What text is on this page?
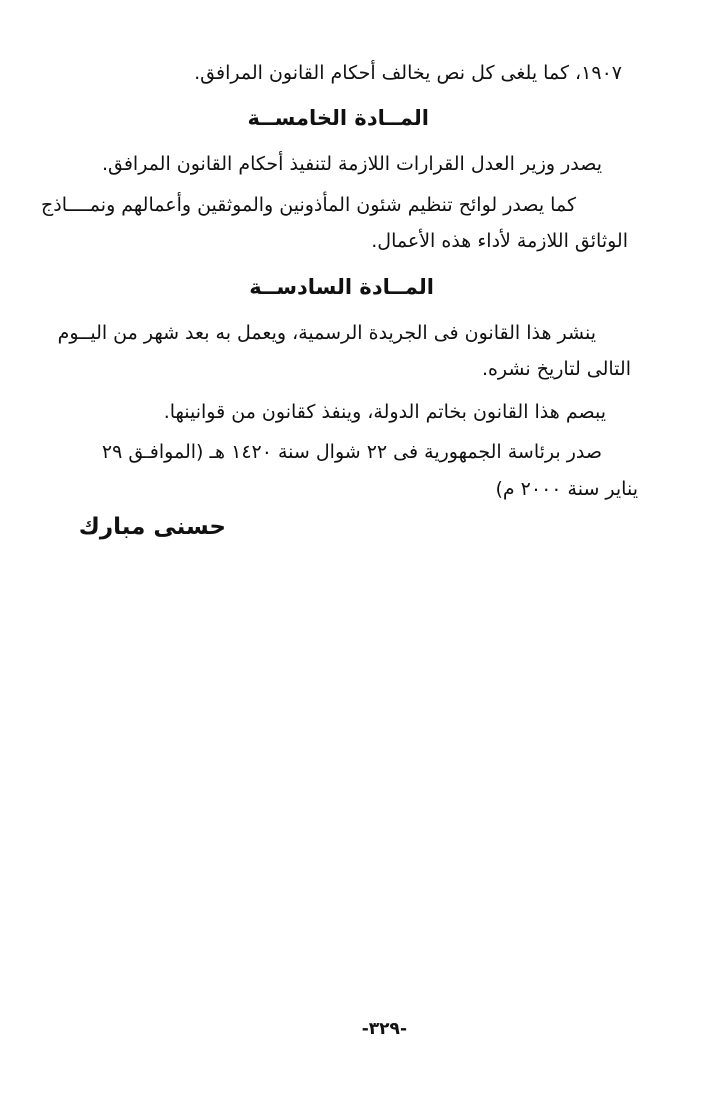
١٩٠٧، كما يلغى كل نص يخالف أحكام القانون المرافق.
المــادة الخامســة
يصدر وزير العدل القرارات اللازمة لتنفيذ أحكام القانون المرافق.
كما يصدر لوائح تنظيم شئون المأذونين والموثقين وأعمالهم ونمــــاذج
الوثائق اللازمة لأداء هذه الأعمال.
المــادة السادســة
ينشر هذا القانون فى الجريدة الرسمية، ويعمل به بعد شهر من اليــوم
التالى لتاريخ نشره.
يبصم هذا القانون بخاتم الدولة، وينفذ كقانون من قوانينها.
صدر برئاسة الجمهورية فى ٢٢ شوال سنة ١٤٢٠ هـ (الموافـق ٢٩
يناير سنة ٢٠٠٠ م)
حسنى مبارك
-٣٢٩-
